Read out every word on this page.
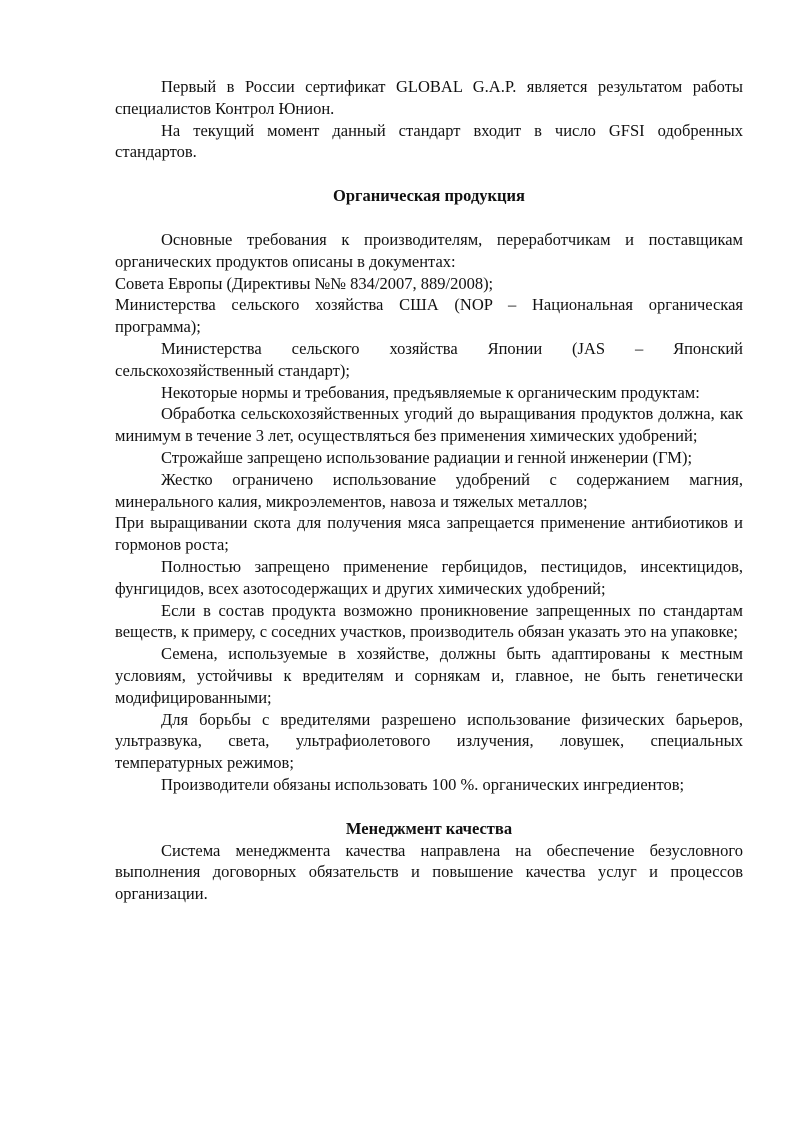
Первый в России сертификат GLOBAL G.A.P. является результатом работы специалистов Контрол Юнион.

На текущий момент данный стандарт входит в число GFSI одобренных стандартов.

Органическая продукция

Основные требования к производителям, переработчикам и поставщикам органических продуктов описаны в документах:

Совета Европы (Директивы №№ 834/2007, 889/2008);

Министерства сельского хозяйства США (NOP – Национальная органическая программа);

Министерства сельского хозяйства Японии (JAS – Японский сельскохозяйственный стандарт);

Некоторые нормы и требования, предъявляемые к органическим продуктам:

Обработка сельскохозяйственных угодий до выращивания продуктов должна, как минимум в течение 3 лет, осуществляться без применения химических удобрений;

Строжайше запрещено использование радиации и генной инженерии (ГМ);

Жестко ограничено использование удобрений с содержанием магния, минерального калия, микроэлементов, навоза и тяжелых металлов;

При выращивании скота для получения мяса запрещается применение антибиотиков и гормонов роста;

Полностью запрещено применение гербицидов, пестицидов, инсектицидов, фунгицидов, всех азотосодержащих и других химических удобрений;

Если в состав продукта возможно проникновение запрещенных по стандартам веществ, к примеру, с соседних участков, производитель обязан указать это на упаковке;

Семена, используемые в хозяйстве, должны быть адаптированы к местным условиям, устойчивы к вредителям и сорнякам и, главное, не быть генетически модифицированными;

Для борьбы с вредителями разрешено использование физических барьеров, ультразвука, света, ультрафиолетового излучения, ловушек, специальных температурных режимов;

Производители обязаны использовать 100 %. органических ингредиентов;

Менеджмент качества

Система менеджмента качества направлена на обеспечение безусловного выполнения договорных обязательств и повышение качества услуг и процессов организации.
